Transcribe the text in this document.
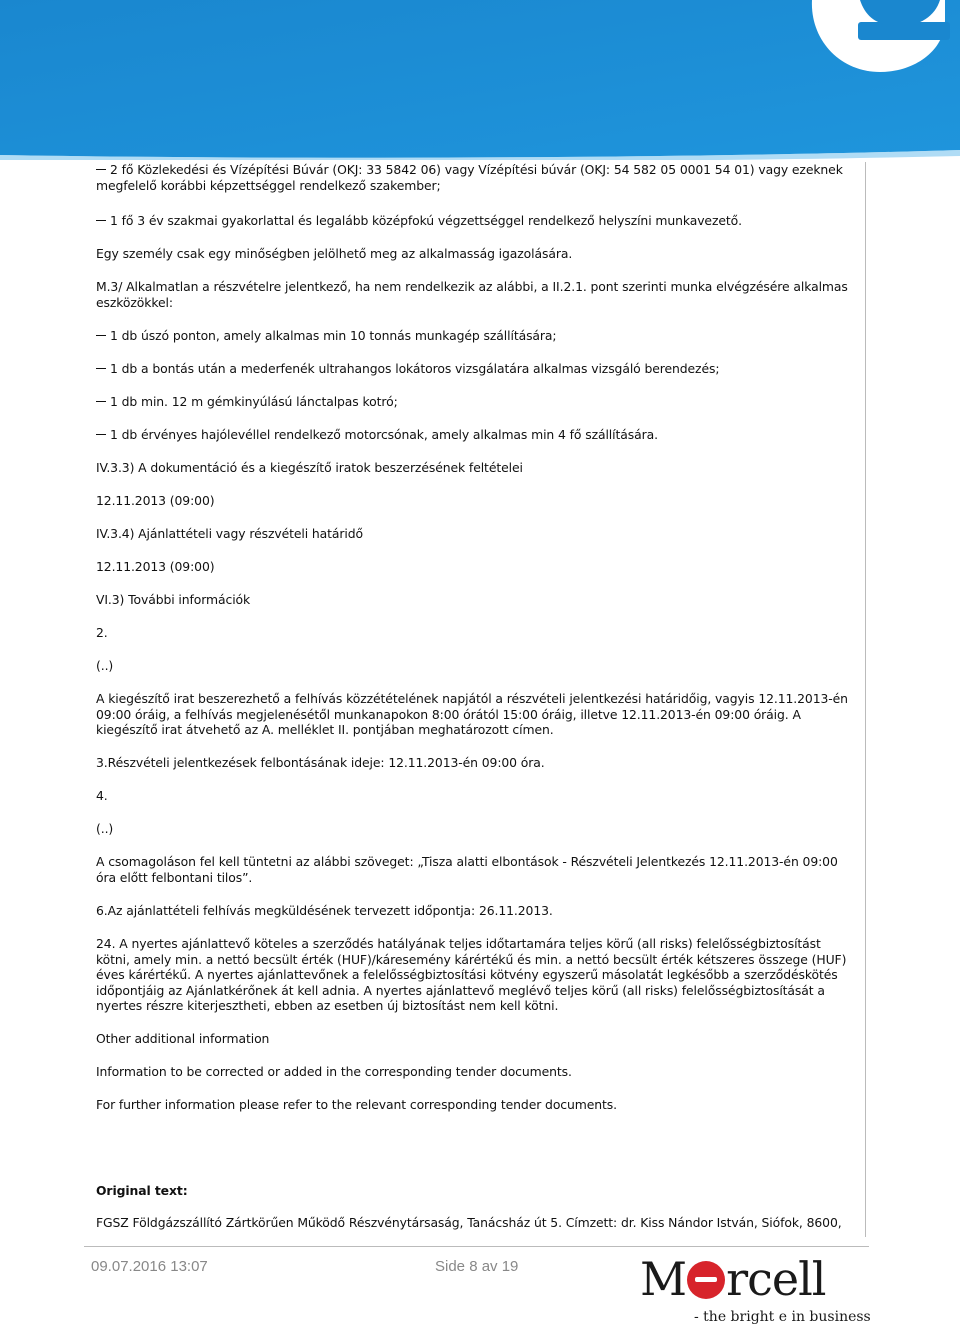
2 fő Közlekedési és Vízépítési Búvár (OKJ: 33 5842 06) vagy Vízépítési búvár (OKJ: 54 582 05 0001 54 01) vagy ezeknek megfelelő korábbi képzettséggel rendelkező szakember;

1 fő 3 év szakmai gyakorlattal és legalább középfokú végzettséggel rendelkező helyszíni munkavezető.

Egy személy csak egy minőségben jelölhető meg az alkalmasság igazolására.

M.3/ Alkalmatlan a részvételre jelentkező, ha nem rendelkezik az alábbi, a II.2.1. pont szerinti munka elvégzésére alkalmas eszközökkel:

1 db úszó ponton, amely alkalmas min 10 tonnás munkagép szállítására;

1 db a bontás után a mederfenék ultrahangos lokátoros vizsgálatára alkalmas vizsgáló berendezés;

1 db min. 12 m gémkinyúlású lánctalpas kotró;

1 db érvényes hajólevéllel rendelkező motorcsónak, amely alkalmas min 4 fő szállítására.

IV.3.3) A dokumentáció és a kiegészítő iratok beszerzésének feltételei

12.11.2013 (09:00)

IV.3.4) Ajánlattételi vagy részvételi határidő

12.11.2013 (09:00)

VI.3) További információk

2.

(..)

A kiegészítő irat beszerezhető a felhívás közzétételének napjától a részvételi jelentkezési határidőig, vagyis 12.11.2013-én 09:00 óráig, a felhívás megjelenésétől munkanapokon 8:00 órától 15:00 óráig, illetve 12.11.2013-én 09:00 óráig. A kiegészítő irat átvehető az A. melléklet II. pontjában meghatározott címen.

3.Részvételi jelentkezések felbontásának ideje: 12.11.2013-én 09:00 óra.

4.

(..)

A csomagoláson fel kell tüntetni az alábbi szöveget: „Tisza alatti elbontások - Részvételi Jelentkezés 12.11.2013-én 09:00 óra előtt felbontani tilos”.

6.Az ajánlattételi felhívás megküldésének tervezett időpontja: 26.11.2013.

24. A nyertes ajánlattevő köteles a szerződés hatályának teljes időtartamára teljes körű (all risks) felelősségbiztosítást kötni, amely min. a nettó becsült érték (HUF)/káresemény kárértékű és min. a nettó becsült érték kétszeres összege (HUF) éves kárértékű. A nyertes ajánlattevőnek a felelősségbiztosítási kötvény egyszerű másolatát legkésőbb a szerződéskötés időpontjáig az Ajánlatkérőnek át kell adnia. A nyertes ajánlattevő meglévő teljes körű (all risks) felelősségbiztosítását a nyertes részre kiterjesztheti, ebben az esetben új biztosítást nem kell kötni.

Other additional information

Information to be corrected or added in the corresponding tender documents.

For further information please refer to the relevant corresponding tender documents.

Original text:

FGSZ Földgázszállító Zártkörűen Működő Részvénytársaság, Tanácsház út 5. Címzett: dr. Kiss Nándor István, Siófok, 8600,

09.07.2016 13:07	Side 8 av 19	M rcell
- the bright e in business
